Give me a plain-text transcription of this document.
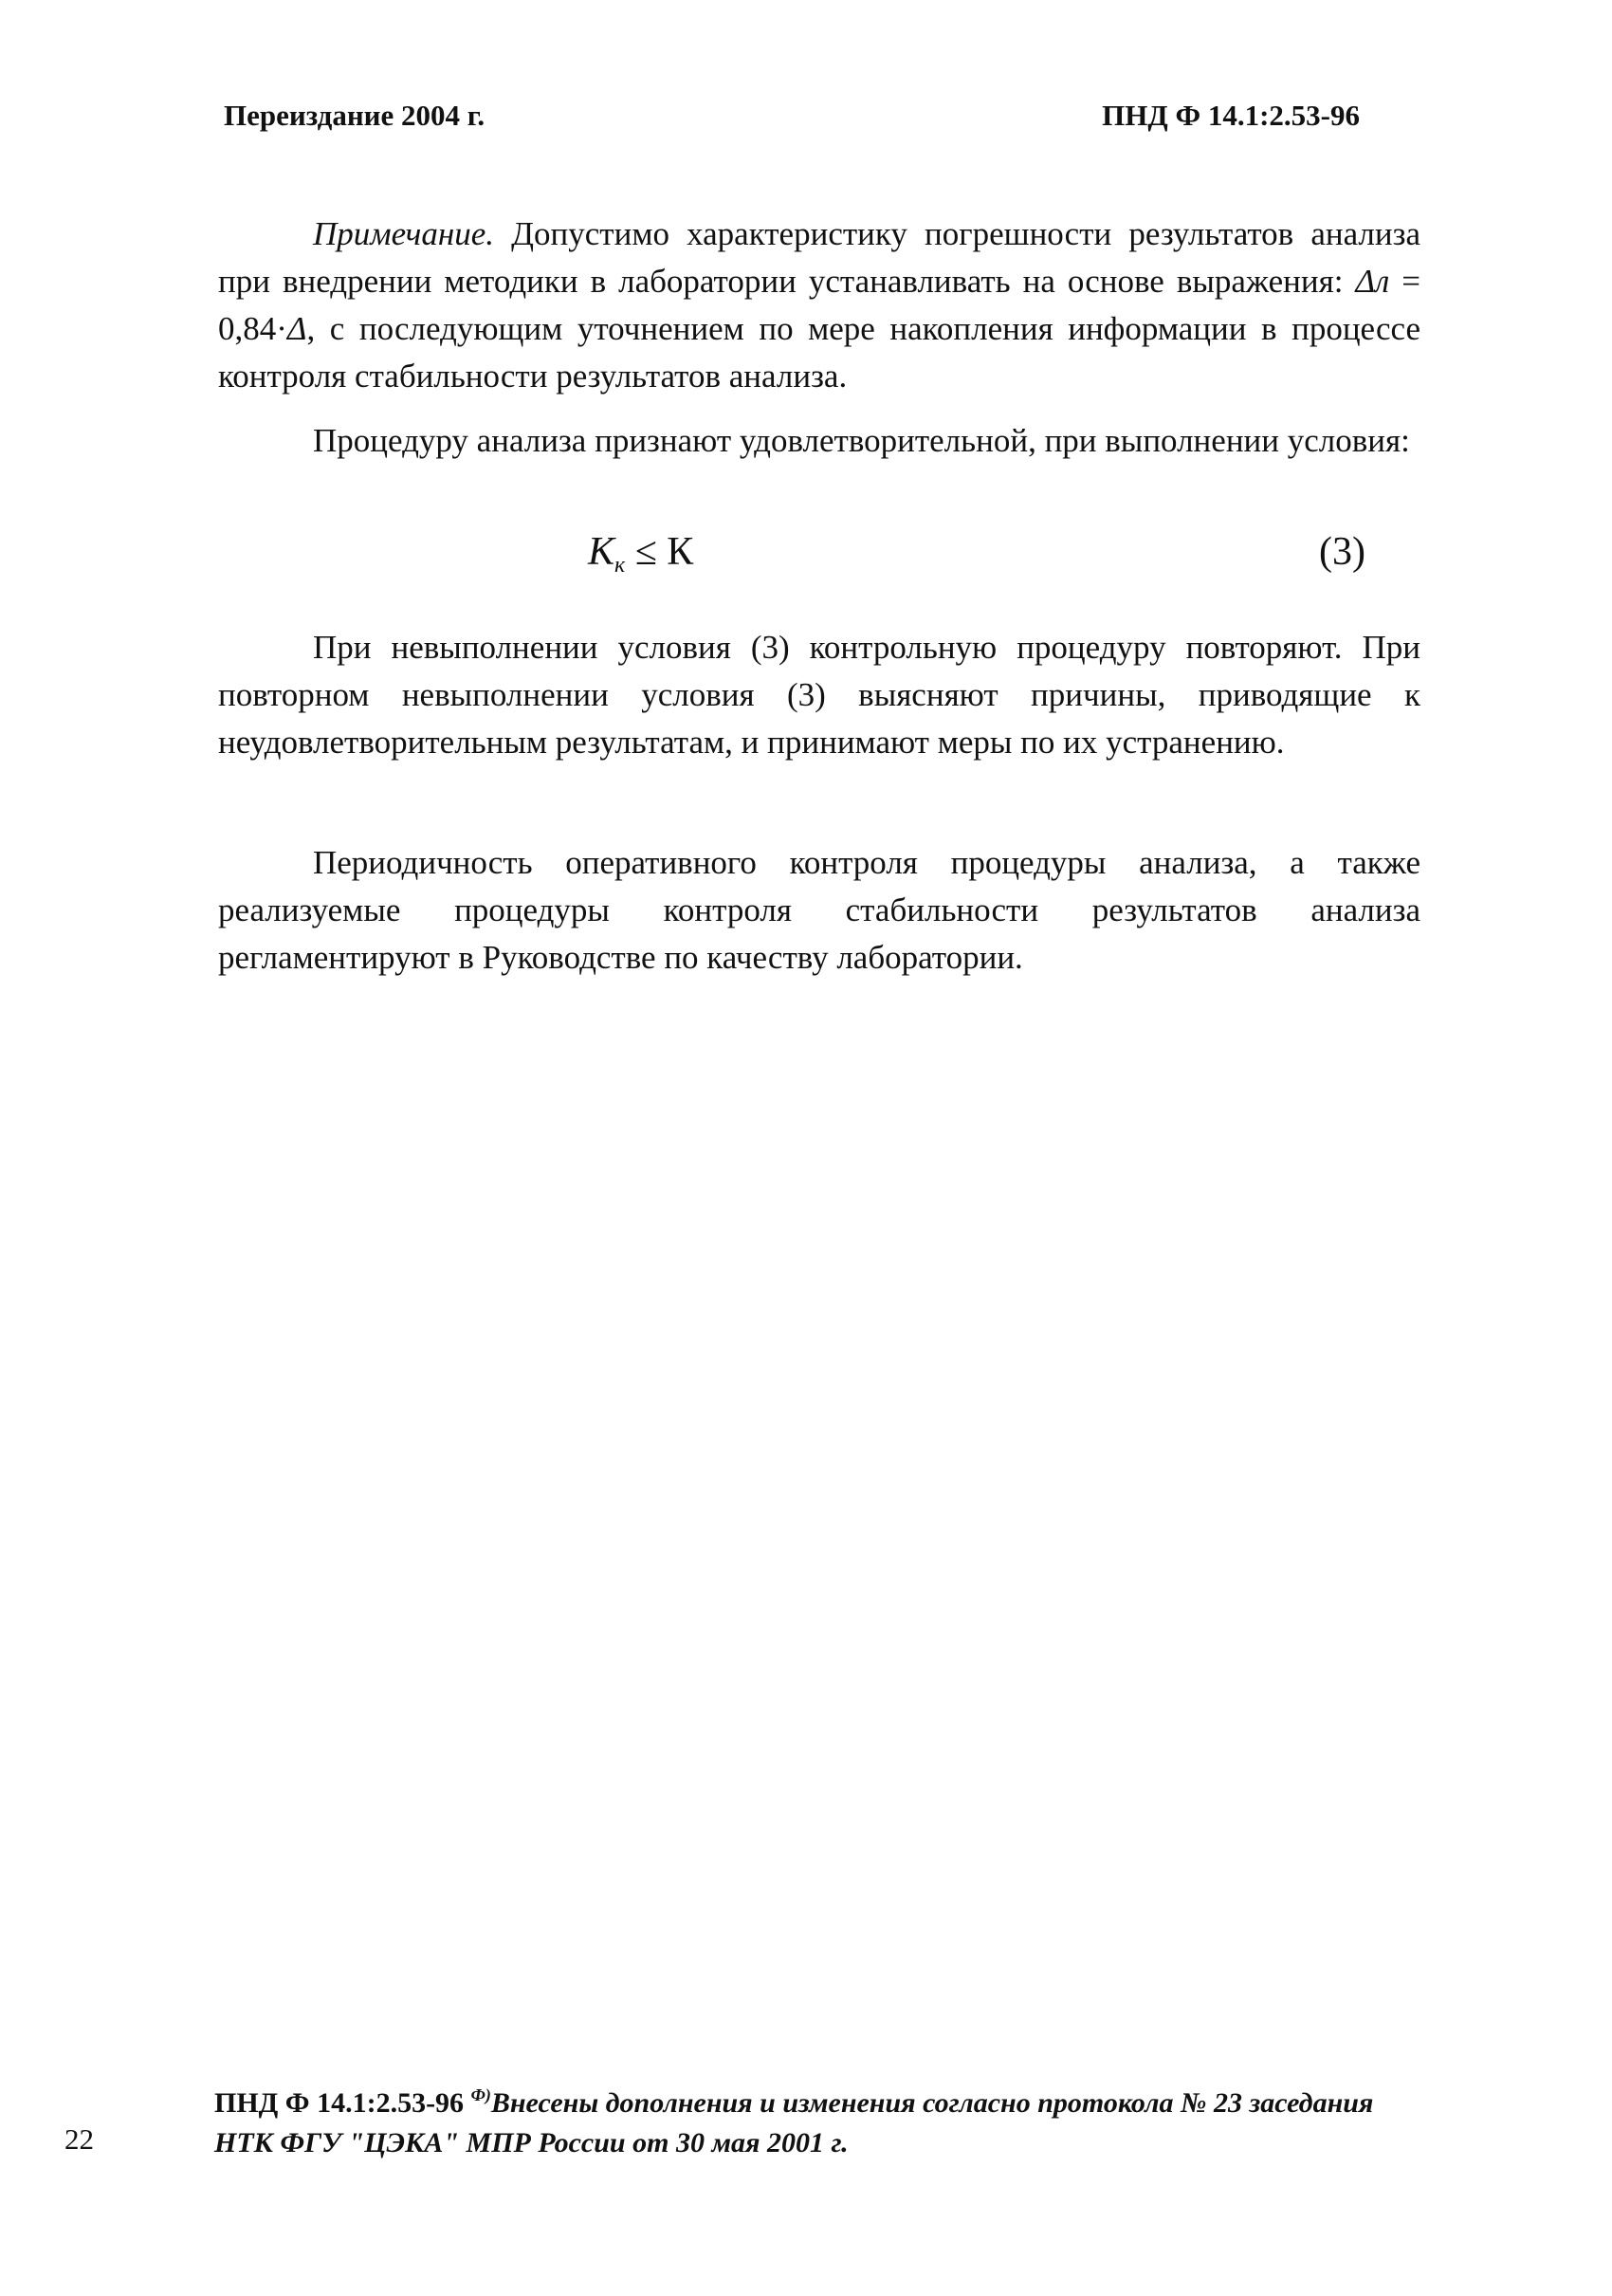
Переиздание 2004 г.	ПНД Ф 14.1:2.53-96

Примечание. Допустимо характеристику погрешности результатов анализа при внедрении методики в лаборатории устанавливать на основе выражения: Δл = 0,84·Δ, с последующим уточнением по мере накопления информации в процессе контроля стабильности результатов анализа.

Процедуру анализа признают удовлетворительной, при выполнении условия:

$K_к \le К$	(3)

При невыполнении условия (3) контрольную процедуру повторяют. При повторном невыполнении условия (3) выясняют причины, приводящие к неудовлетворительным результатам, и принимают меры по их устранению.

Периодичность оперативного контроля процедуры анализа, а также реализуемые процедуры контроля стабильности результатов анализа регламентируют в Руководстве по качеству лаборатории.

ПНД Ф 14.1:2.53-96 $^{Ф)}$Внесены дополнения и изменения согласно протокола № 23 заседания НТК ФГУ "ЦЭКА" МПР России от 30 мая 2001 г.
22
